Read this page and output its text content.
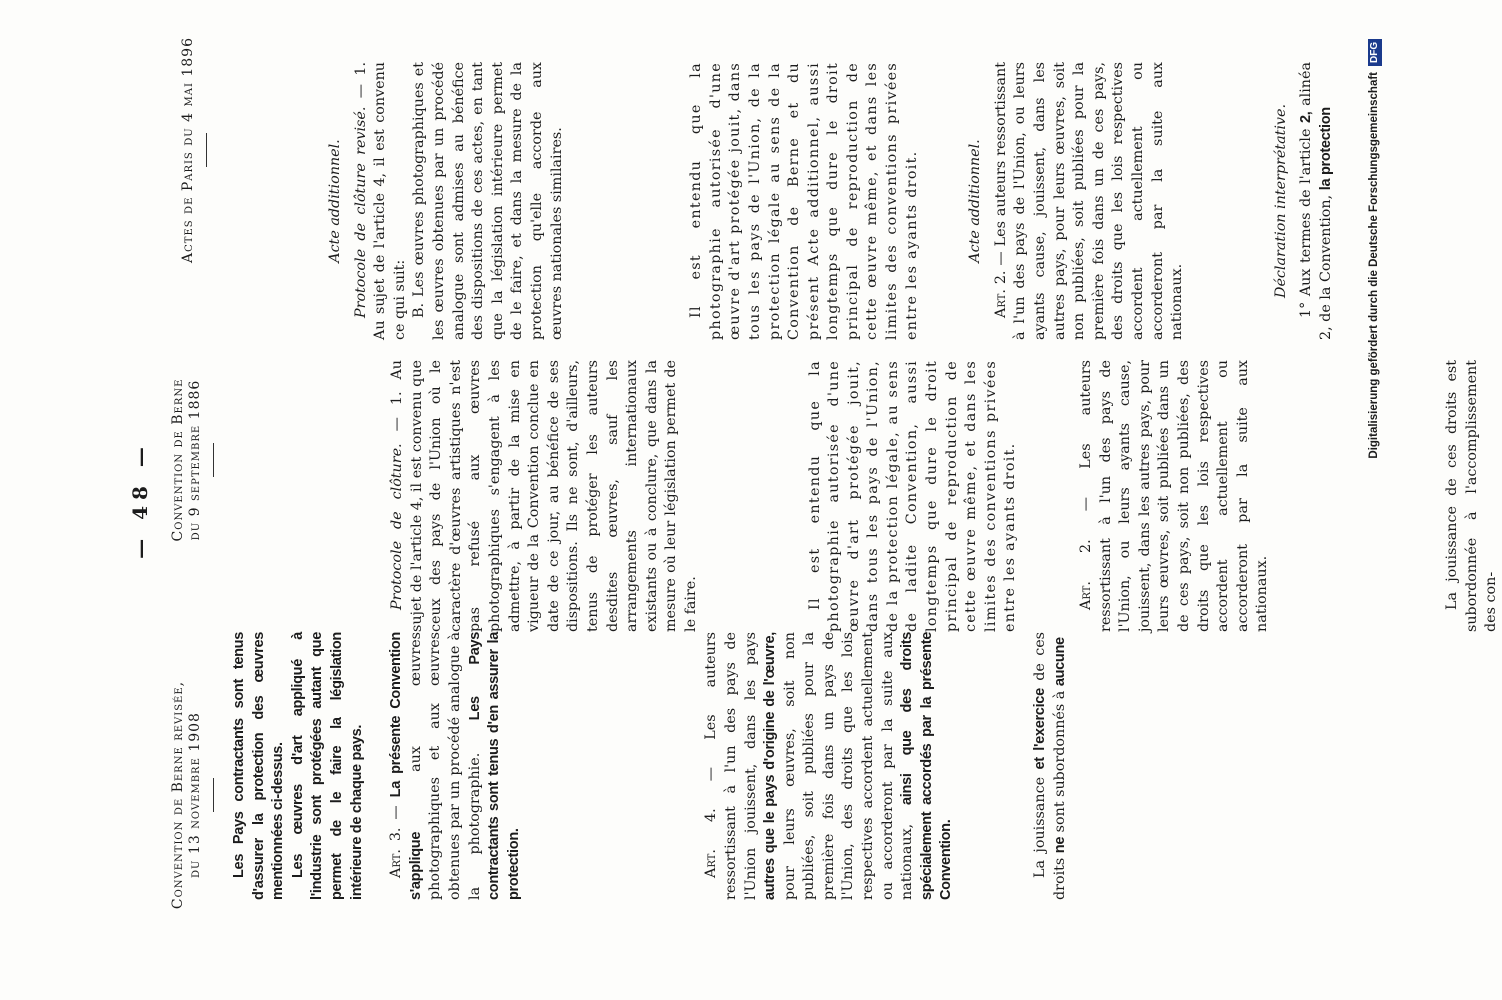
— 48 —
Convention de Berne revisée, du 13 novembre 1908
Convention de Berne du 9 septembre 1886
Actes de Paris du 4 mai 1896

Les Pays contractants sont tenus d'assurer la protection des œuvres mentionnées ci-dessus. Les œuvres d'art appliqué à l'industrie sont protégées autant que permet de le faire la législation intérieure de chaque pays. Art. 3. — La présente Convention s'applique aux œuvres photographiques et aux œuvres obtenues par un procédé analogue à la photographie. Les Pays contractants sont tenus d'en assurer la protection.	Art. 4. — Les auteurs ressortissant à l'un des pays de l'Union jouissent, dans les pays autres que le pays d'origine de l'œuvre, pour leurs œuvres, soit non publiées, soit publiées pour la première fois dans un pays de l'Union, des droits que les lois respectives accordent actuellement ou accorderont par la suite aux nationaux, ainsi que des droits spécialement accordés par la présente Convention.	La jouissance et l'exercice de ces droits ne sont subordonnés à aucune

Protocole de clôture. — 1. Au sujet de l'article 4, il est convenu que ceux des pays de l'Union où le caractère d'œuvres artistiques n'est pas refusé aux œuvres photographiques s'engagent à les admettre, à partir de la mise en vigueur de la Convention conclue en date de ce jour, au bénéfice de ses dispositions. Ils ne sont, d'ailleurs, tenus de protéger les auteurs desdites œuvres, sauf les arrangements internationaux existants ou à conclure, que dans la mesure où leur législation permet de le faire.	Il est entendu que la photographie autorisée d'une œuvre d'art protégée jouit, dans tous les pays de l'Union, de la protection légale, au sens de ladite Convention, aussi longtemps que dure le droit principal de reproduction de cette œuvre même, et dans les limites des conventions privées entre les ayants droit.	Art. 2. — Les auteurs ressortissant à l'un des pays de l'Union, ou leurs ayants cause, jouissent, dans les autres pays, pour leurs œuvres, soit publiées dans un de ces pays, soit non publiées, des droits que les lois respectives accordent actuellement ou accorderont par la suite aux nationaux.	La jouissance de ces droits est subordonnée à l'accomplissement des con-

Acte additionnel. Protocole de clôture revisé. — 1. Au sujet de l'article 4, il est convenu ce qui suit: B. Les œuvres photographiques et les œuvres obtenues par un procédé analogue sont admises au bénéfice des dispositions de ces actes, en tant que la législation intérieure permet de le faire, et dans la mesure de la protection qu'elle accorde aux œuvres nationales similaires.	Il est entendu que la photographie autorisée d'une œuvre d'art protégée jouit, dans tous les pays de l'Union, de la protection légale au sens de la Convention de Berne et du présent Acte additionnel, aussi longtemps que dure le droit principal de reproduction de cette œuvre même, et dans les limites des conventions privées entre les ayants droit.	Acte additionnel.

Art. 2. — Les auteurs ressortissant à l'un des pays de l'Union, ou leurs ayants cause, jouissent, dans les autres pays, pour leurs œuvres, soit non publiées, soit publiées pour la première fois dans un de ces pays, des droits que les lois respectives accordent actuellement ou accorderont par la suite aux nationaux.

Déclaration interprétative. 1° Aux termes de l'article 2, alinéa 2, de la Convention, la protection	Digitalisierung gefördert durch die Deutsche ForschungsgemeinschaftDFG
